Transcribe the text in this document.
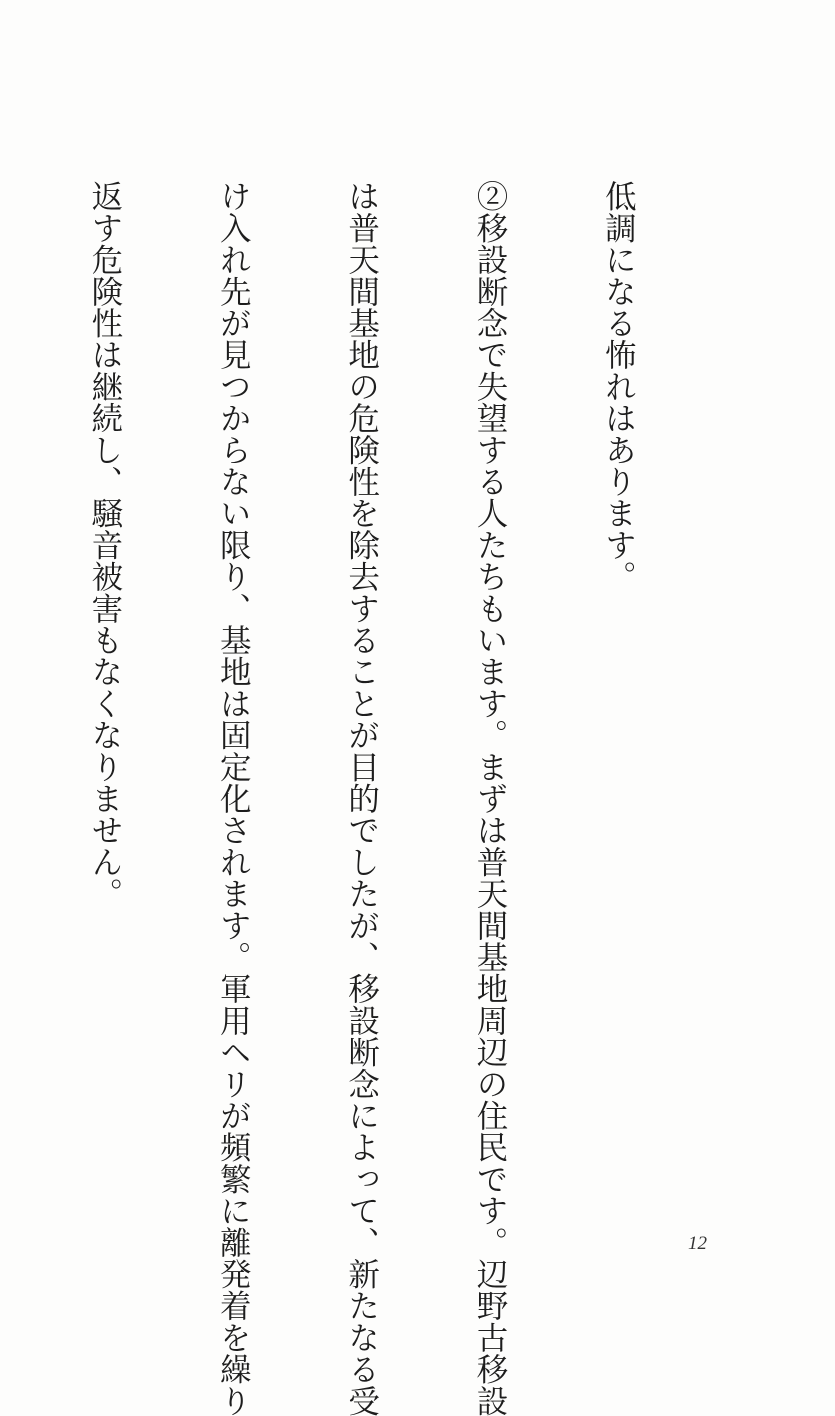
低調になる怖れはあります。

②移設断念で失望する人たちもいます。まずは普天間基地周辺の住民です。辺野古移設

は普天間基地の危険性を除去することが目的でしたが、移設断念によって、新たなる受

け入れ先が見つからない限り、基地は固定化されます。軍用ヘリが頻繁に離発着を繰り

返す危険性は継続し、騒音被害もなくなりません。

12
